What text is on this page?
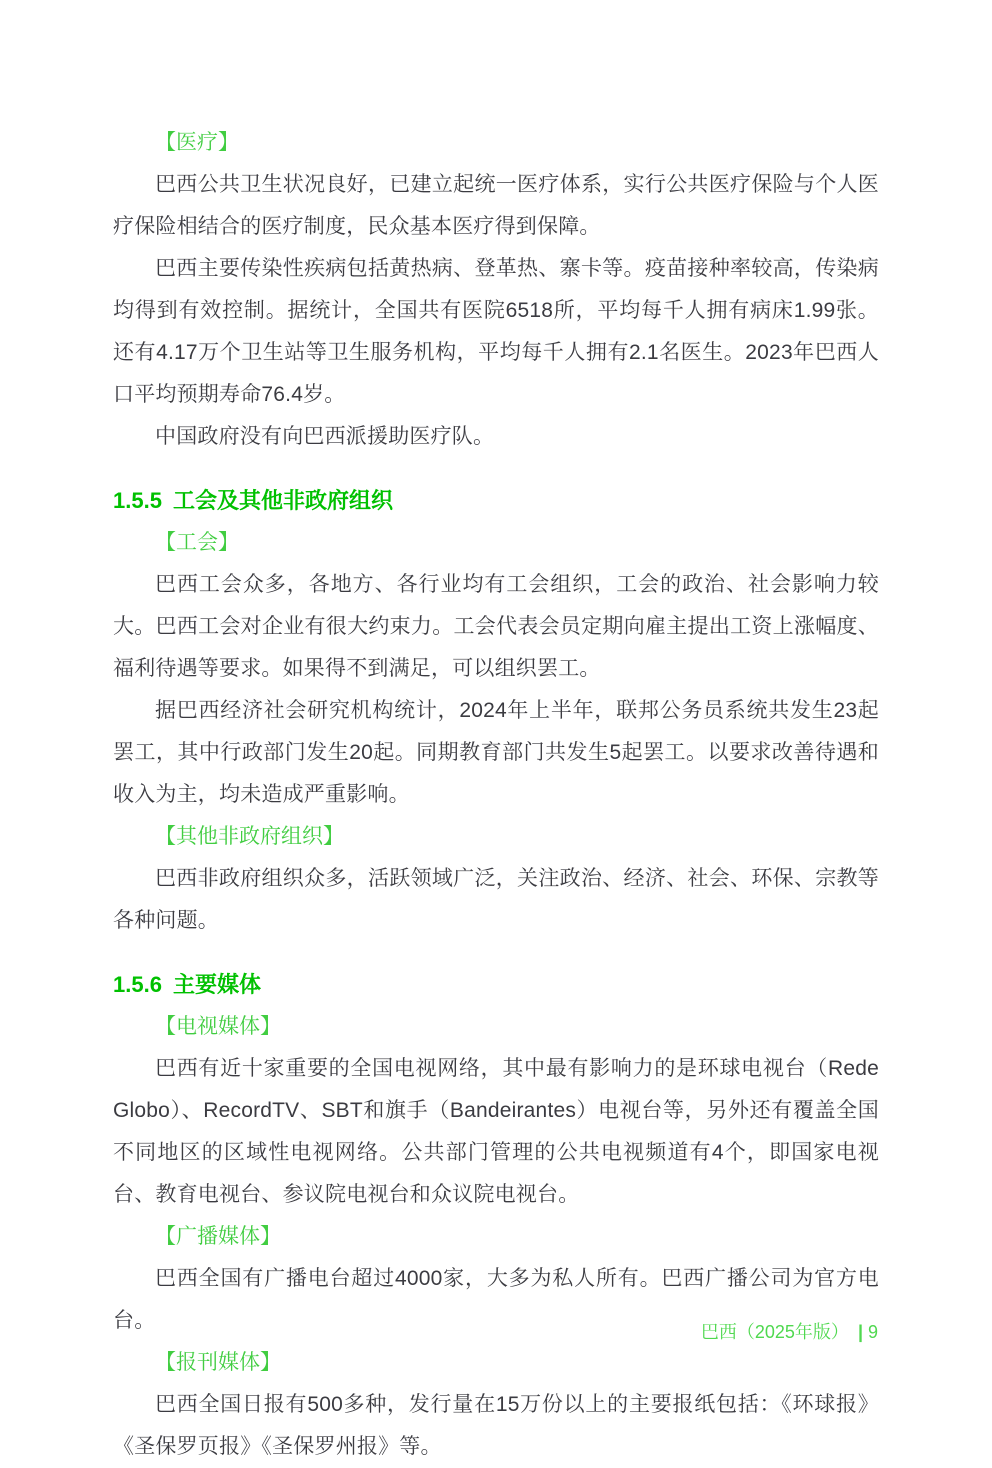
【医疗】

巴西公共卫生状况良好，已建立起统一医疗体系，实行公共医疗保险与个人医疗保险相结合的医疗制度，民众基本医疗得到保障。

巴西主要传染性疾病包括黄热病、登革热、寨卡等。疫苗接种率较高，传染病均得到有效控制。据统计，全国共有医院6518所，平均每千人拥有病床1.99张。还有4.17万个卫生站等卫生服务机构，平均每千人拥有2.1名医生。2023年巴西人口平均预期寿命76.4岁。

中国政府没有向巴西派援助医疗队。

1.5.5 工会及其他非政府组织
【工会】

巴西工会众多，各地方、各行业均有工会组织，工会的政治、社会影响力较大。巴西工会对企业有很大约束力。工会代表会员定期向雇主提出工资上涨幅度、福利待遇等要求。如果得不到满足，可以组织罢工。

据巴西经济社会研究机构统计，2024年上半年，联邦公务员系统共发生23起罢工，其中行政部门发生20起。同期教育部门共发生5起罢工。以要求改善待遇和收入为主，均未造成严重影响。

【其他非政府组织】

巴西非政府组织众多，活跃领域广泛，关注政治、经济、社会、环保、宗教等各种问题。

1.5.6 主要媒体
【电视媒体】

巴西有近十家重要的全国电视网络，其中最有影响力的是环球电视台（Rede Globo）、RecordTV、SBT和旗手（Bandeirantes）电视台等，另外还有覆盖全国不同地区的区域性电视网络。公共部门管理的公共电视频道有4个，即国家电视台、教育电视台、参议院电视台和众议院电视台。

【广播媒体】

巴西全国有广播电台超过4000家，大多为私人所有。巴西广播公司为官方电台。

【报刊媒体】

巴西全国日报有500多种，发行量在15万份以上的主要报纸包括：《环球报》《圣保罗页报》《圣保罗州报》等。

巴西（2025年版） | 9
